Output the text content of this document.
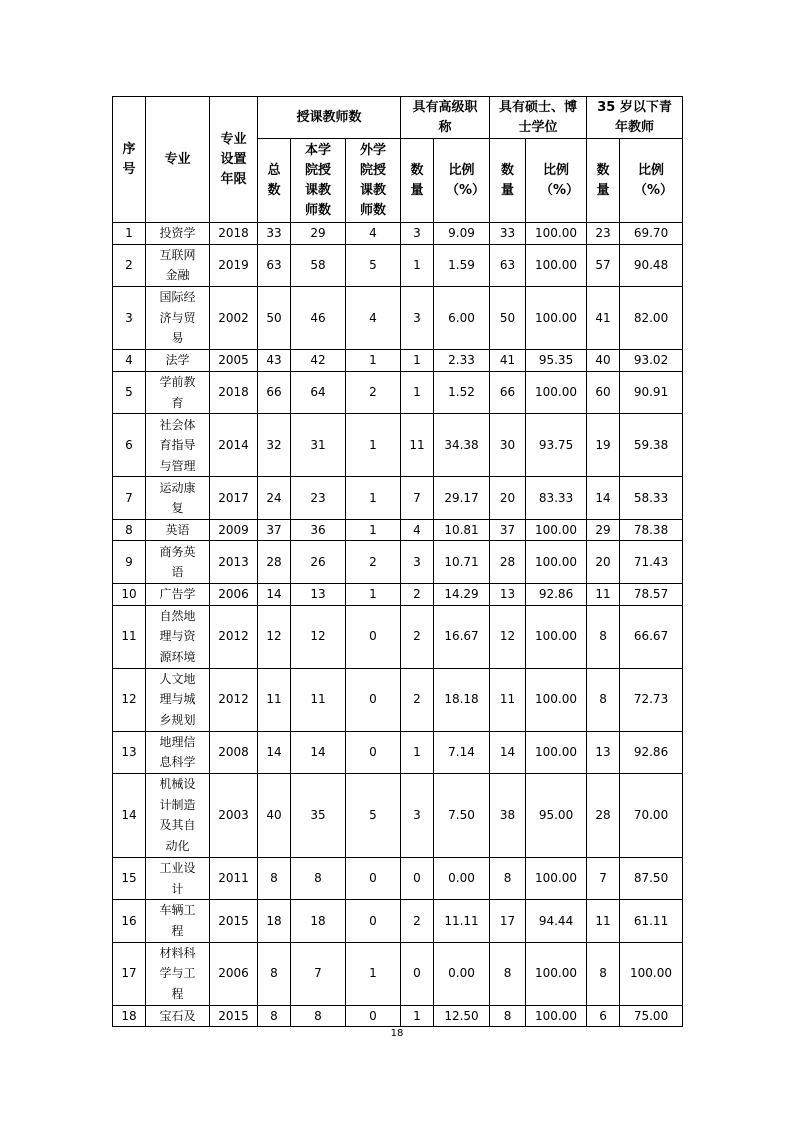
序号	专业	专业设置年限	授课教师数			具有高级职称		具有硕士、博士学位		35 岁以下青年教师	
			总数	本学院授课教师数	外学院授课教师数	数量	比例（%）	数量	比例（%）	数量	比例（%）
1	投资学	2018	33	29	4	3	9.09	33	100.00	23	69.70
2	互联网金融	2019	63	58	5	1	1.59	63	100.00	57	90.48
3	国际经济与贸易	2002	50	46	4	3	6.00	50	100.00	41	82.00
4	法学	2005	43	42	1	1	2.33	41	95.35	40	93.02
5	学前教育	2018	66	64	2	1	1.52	66	100.00	60	90.91
6	社会体育指导与管理	2014	32	31	1	11	34.38	30	93.75	19	59.38
7	运动康复	2017	24	23	1	7	29.17	20	83.33	14	58.33
8	英语	2009	37	36	1	4	10.81	37	100.00	29	78.38
9	商务英语	2013	28	26	2	3	10.71	28	100.00	20	71.43
10	广告学	2006	14	13	1	2	14.29	13	92.86	11	78.57
11	自然地理与资源环境	2012	12	12	0	2	16.67	12	100.00	8	66.67
12	人文地理与城乡规划	2012	11	11	0	2	18.18	11	100.00	8	72.73
13	地理信息科学	2008	14	14	0	1	7.14	14	100.00	13	92.86
14	机械设计制造及其自动化	2003	40	35	5	3	7.50	38	95.00	28	70.00
15	工业设计	2011	8	8	0	0	0.00	8	100.00	7	87.50
16	车辆工程	2015	18	18	0	2	11.11	17	94.44	11	61.11
17	材料科学与工程	2006	8	7	1	0	0.00	8	100.00	8	100.00
18	宝石及	2015	8	8	0	1	12.50	8	100.00	6	75.00
18
